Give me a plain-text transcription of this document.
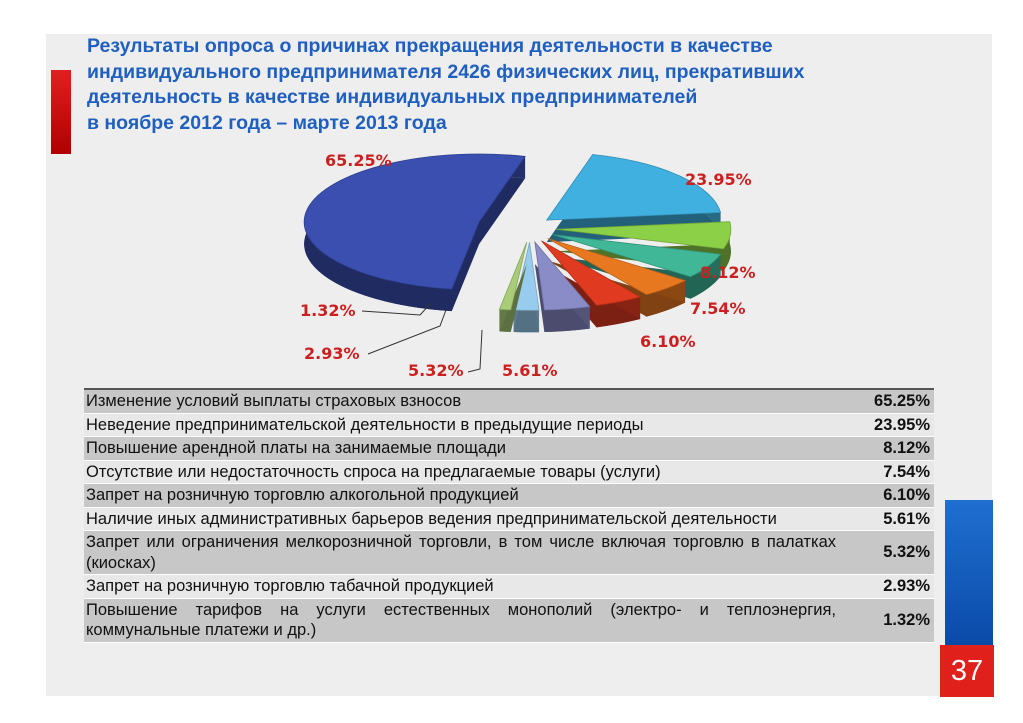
Результаты опроса о причинах прекращения деятельности в качестве
индивидуального предпринимателя 2426 физических лиц, прекративших
деятельность в качестве индивидуальных предпринимателей
в ноябре 2012 года – марте 2013 года
65.25%
23.95%
8.12%
7.54%
6.10%
5.61%
5.32%
2.93%
1.32%
Изменение условий выплаты страховых взносов	65.25%
Неведение предпринимательской деятельности в предыдущие периоды	23.95%
Повышение арендной платы на занимаемые площади	8.12%
Отсутствие или недостаточность спроса на предлагаемые товары (услуги)	7.54%
Запрет на розничную торговлю алкогольной продукцией	6.10%
Наличие иных административных барьеров ведения предпринимательской деятельности	5.61%
Запрет или ограничения мелкорозничной торговли, в том числе включая торговлю в палатках (киосках)	5.32%
Запрет на розничную торговлю табачной продукцией	2.93%
Повышение тарифов на услуги естественных монополий (электро- и теплоэнергия, коммунальные платежи и др.)	1.32%
37
